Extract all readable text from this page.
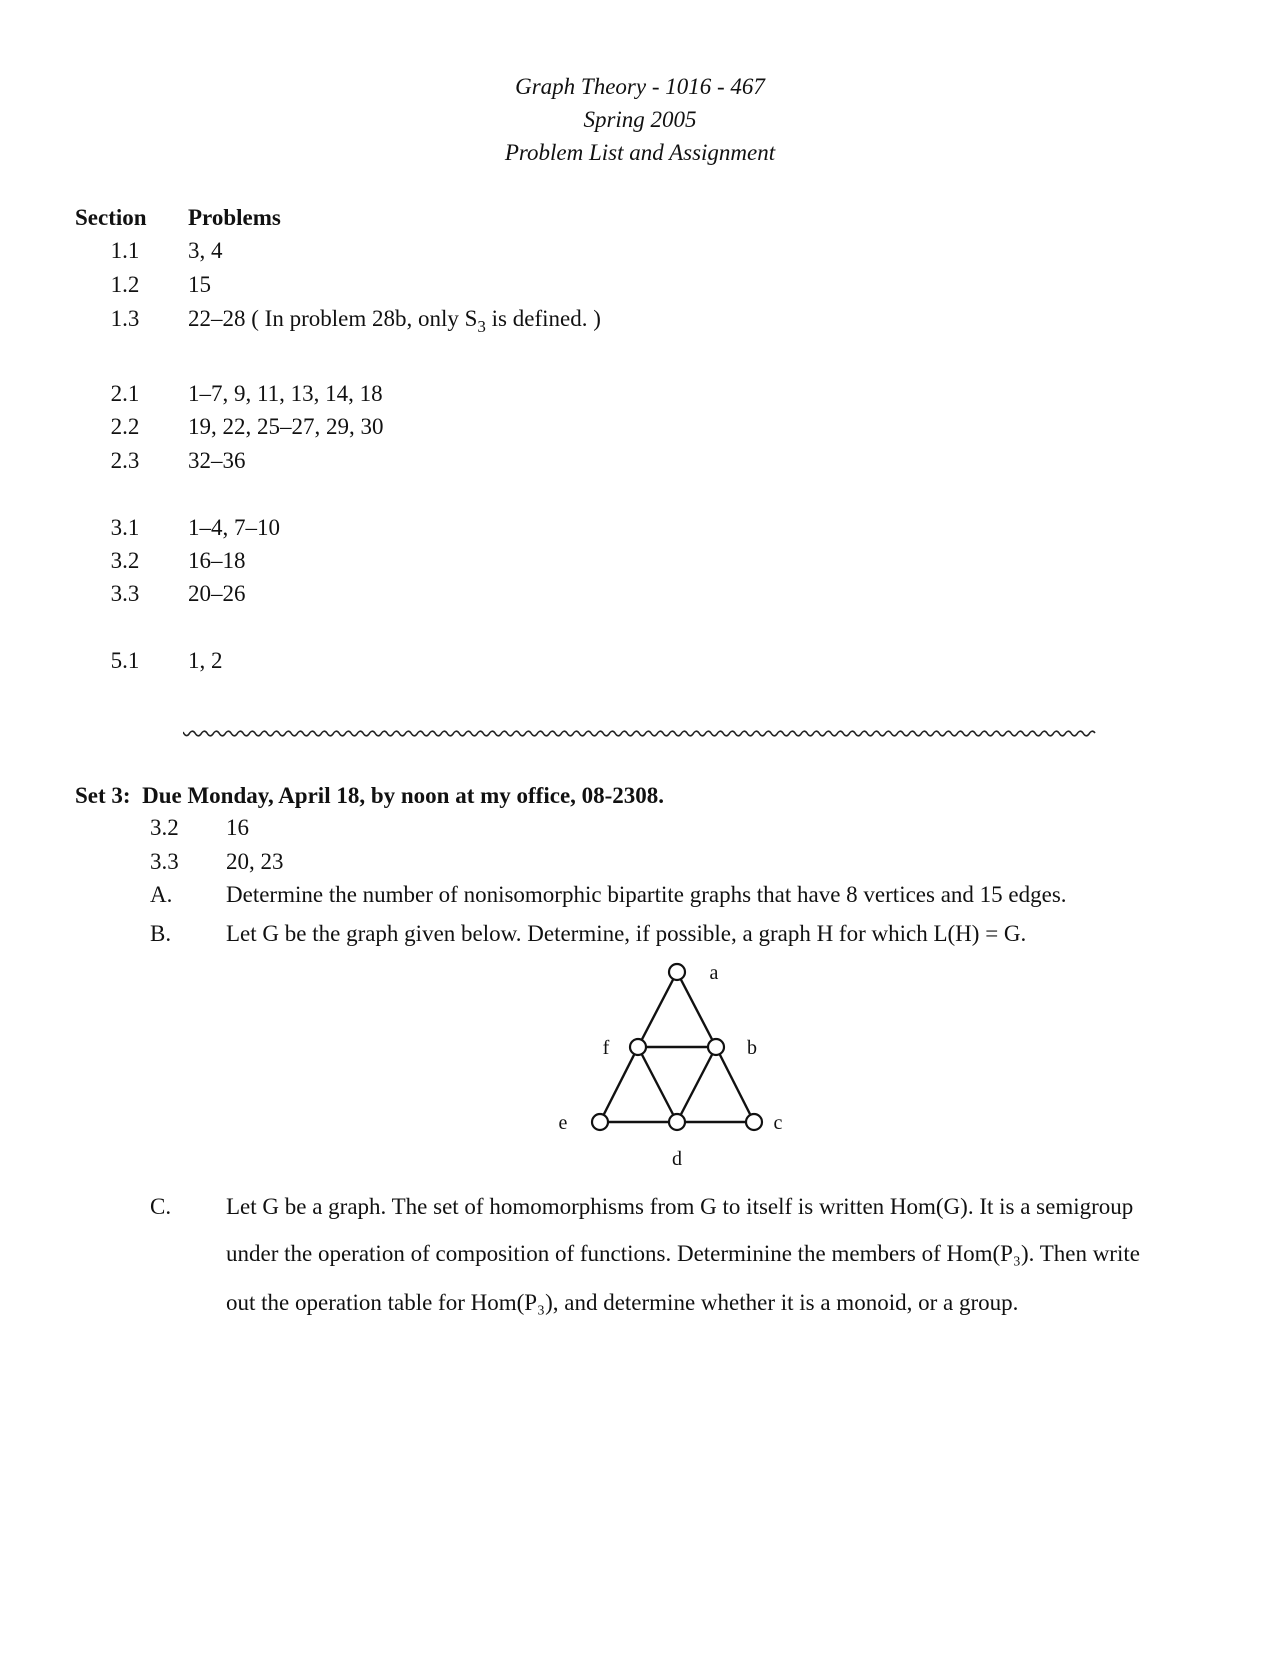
Graph Theory - 1016 - 467
Spring 2005
Problem List and Assignment
Section Problems
1.1	3, 4
1.2	15
1.3	22–28 ( In problem 28b, only $S_3$ is defined. )
2.1	1–7, 9, 11, 13, 14, 18
2.2	19, 22, 25–27, 29, 30
2.3	32–36
3.1	1–4, 7–10
3.2	16–18
3.3	20–26
5.1	1, 2
Set 3: Due Monday, April 18, by noon at my office, 08-2308.
3.2 16
3.3 20, 23
A. Determine the number of nonisomorphic bipartite graphs that have 8 vertices and 15 edges.
B. Let G be the graph given below. Determine, if possible, a graph H for which L(H) = G.
a
b
c
d
e
f
C. Let G be a graph. The set of homomorphisms from G to itself is written Hom(G). It is a semigroup
under the operation of composition of functions. Determinine the members of Hom(P₃). Then write
out the operation table for Hom(P₃), and determine whether it is a monoid, or a group.
